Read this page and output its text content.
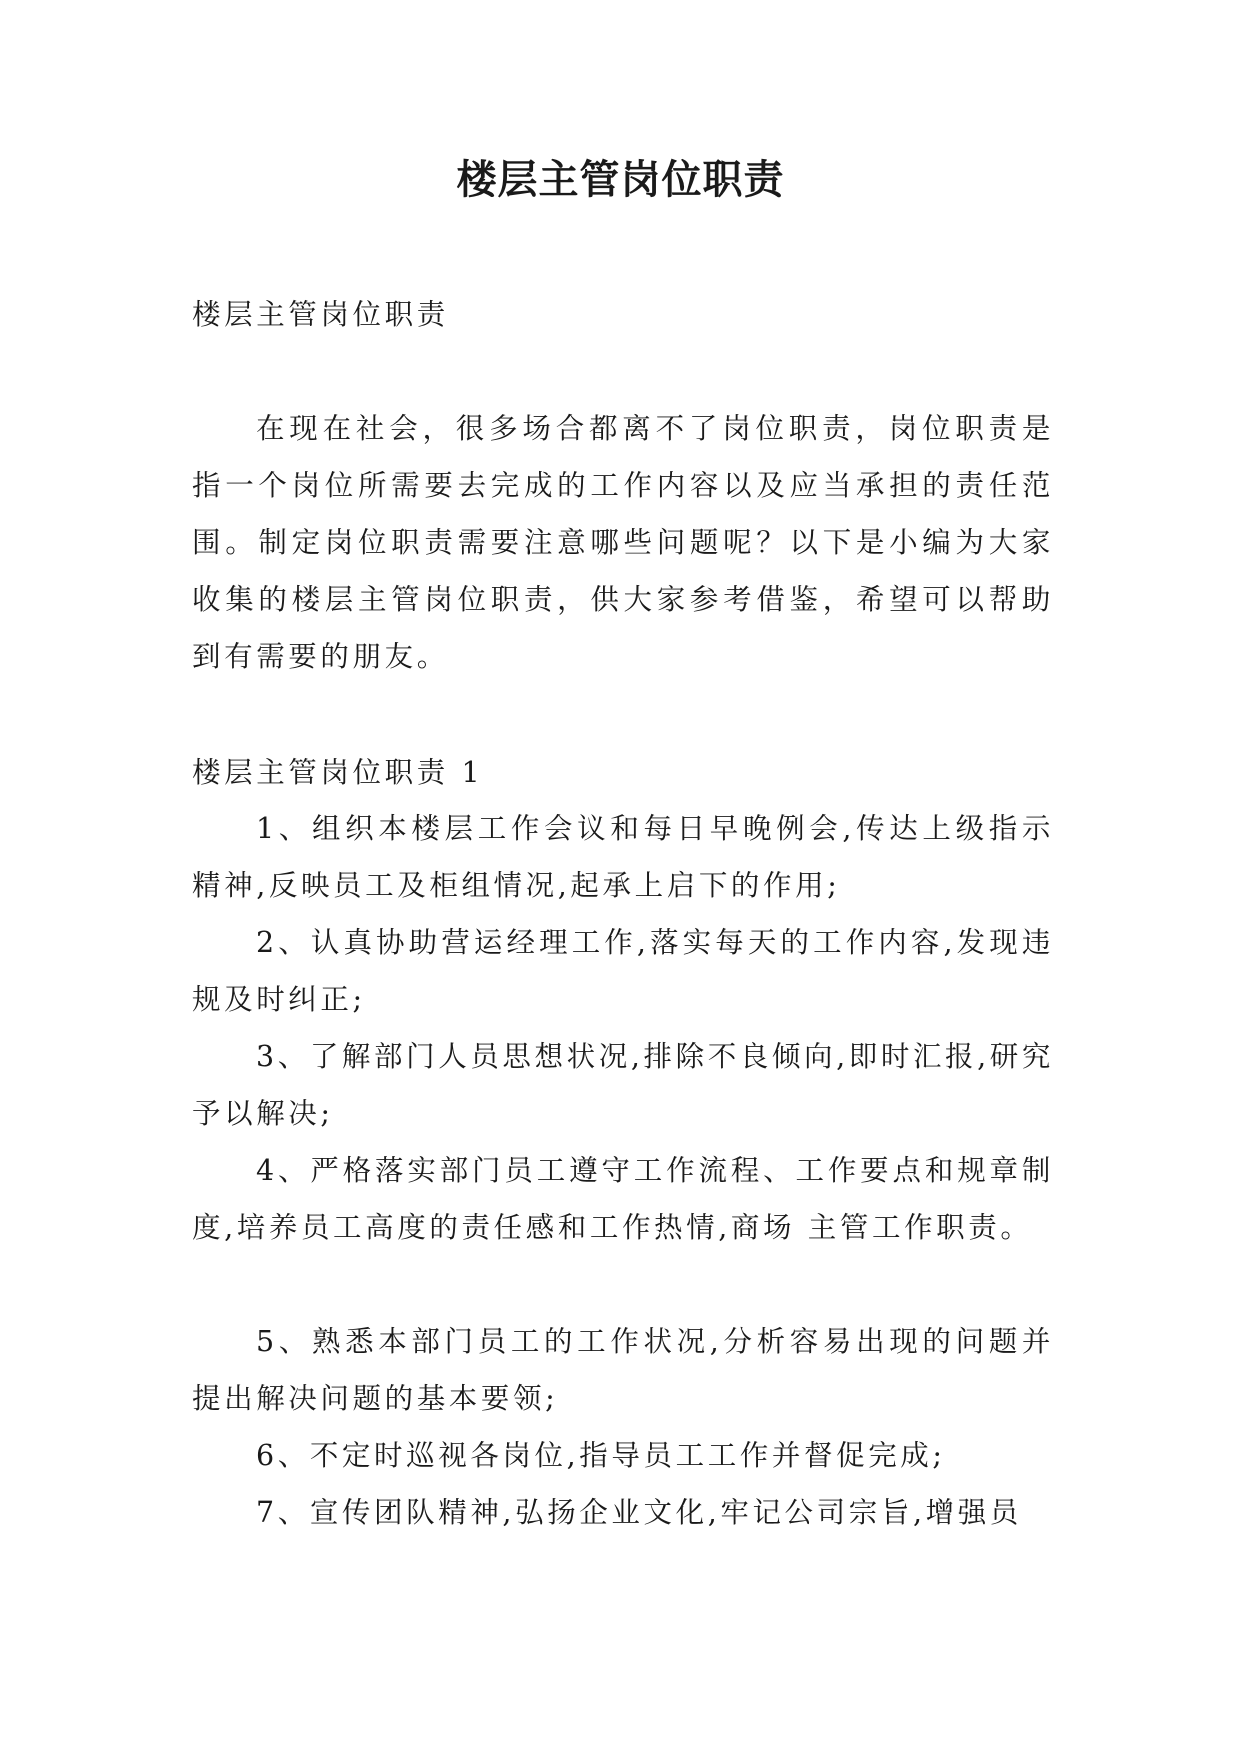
楼层主管岗位职责

楼层主管岗位职责

在现在社会，很多场合都离不了岗位职责，岗位职责是指一个岗位所需要去完成的工作内容以及应当承担的责任范围。制定岗位职责需要注意哪些问题呢？以下是小编为大家收集的楼层主管岗位职责，供大家参考借鉴，希望可以帮助到有需要的朋友。

楼层主管岗位职责 1

1、组织本楼层工作会议和每日早晚例会,传达上级指示精神,反映员工及柜组情况,起承上启下的作用;

2、认真协助营运经理工作,落实每天的工作内容,发现违规及时纠正;

3、了解部门人员思想状况,排除不良倾向,即时汇报,研究予以解决;

4、严格落实部门员工遵守工作流程、工作要点和规章制度,培养员工高度的责任感和工作热情,商场 主管工作职责。

5、熟悉本部门员工的工作状况,分析容易出现的问题并提出解决问题的基本要领;

6、不定时巡视各岗位,指导员工工作并督促完成;

7、宣传团队精神,弘扬企业文化,牢记公司宗旨,增强员
